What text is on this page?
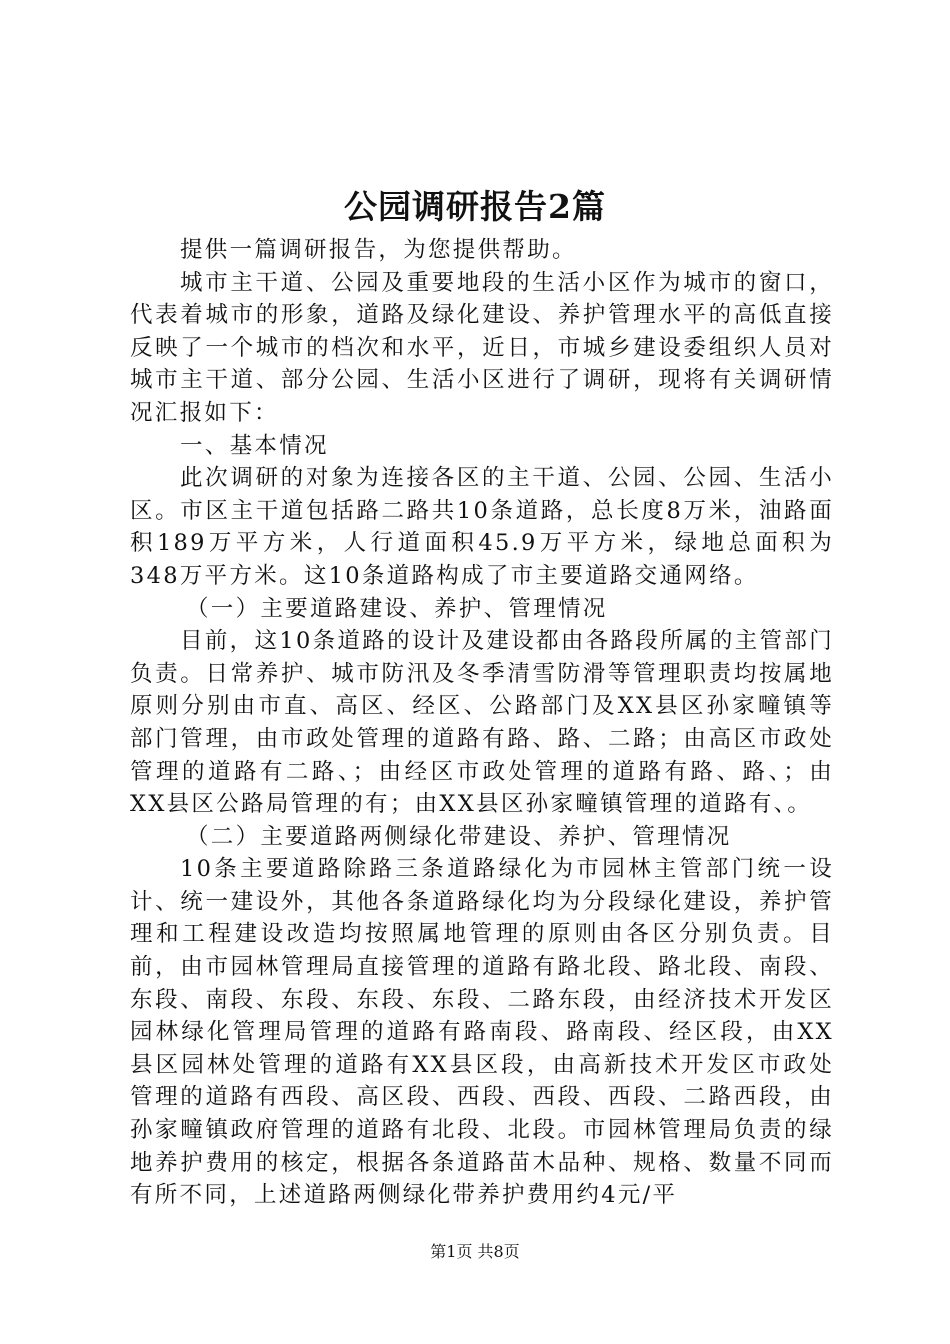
公园调研报告2篇

提供一篇调研报告，为您提供帮助。

城市主干道、公园及重要地段的生活小区作为城市的窗口，代表着城市的形象，道路及绿化建设、养护管理水平的高低直接反映了一个城市的档次和水平，近日，市城乡建设委组织人员对城市主干道、部分公园、生活小区进行了调研，现将有关调研情况汇报如下：

一、基本情况

此次调研的对象为连接各区的主干道、公园、公园、生活小区。市区主干道包括路二路共10条道路，总长度8万米，油路面积189万平方米，人行道面积45.9万平方米，绿地总面积为348万平方米。这10条道路构成了市主要道路交通网络。

（一）主要道路建设、养护、管理情况

目前，这10条道路的设计及建设都由各路段所属的主管部门负责。日常养护、城市防汛及冬季清雪防滑等管理职责均按属地原则分别由市直、高区、经区、公路部门及XX县区孙家疃镇等部门管理，由市政处管理的道路有路、路、二路；由高区市政处管理的道路有二路、；由经区市政处管理的道路有路、路、；由XX县区公路局管理的有；由XX县区孙家疃镇管理的道路有、。

（二）主要道路两侧绿化带建设、养护、管理情况

10条主要道路除路三条道路绿化为市园林主管部门统一设计、统一建设外，其他各条道路绿化均为分段绿化建设，养护管理和工程建设改造均按照属地管理的原则由各区分别负责。目前，由市园林管理局直接管理的道路有路北段、路北段、南段、东段、南段、东段、东段、东段、二路东段，由经济技术开发区园林绿化管理局管理的道路有路南段、路南段、经区段，由XX县区园林处管理的道路有XX县区段，由高新技术开发区市政处管理的道路有西段、高区段、西段、西段、西段、二路西段，由孙家疃镇政府管理的道路有北段、北段。市园林管理局负责的绿地养护费用的核定，根据各条道路苗木品种、规格、数量不同而有所不同，上述道路两侧绿化带养护费用约4元/平

第1页 共8页
